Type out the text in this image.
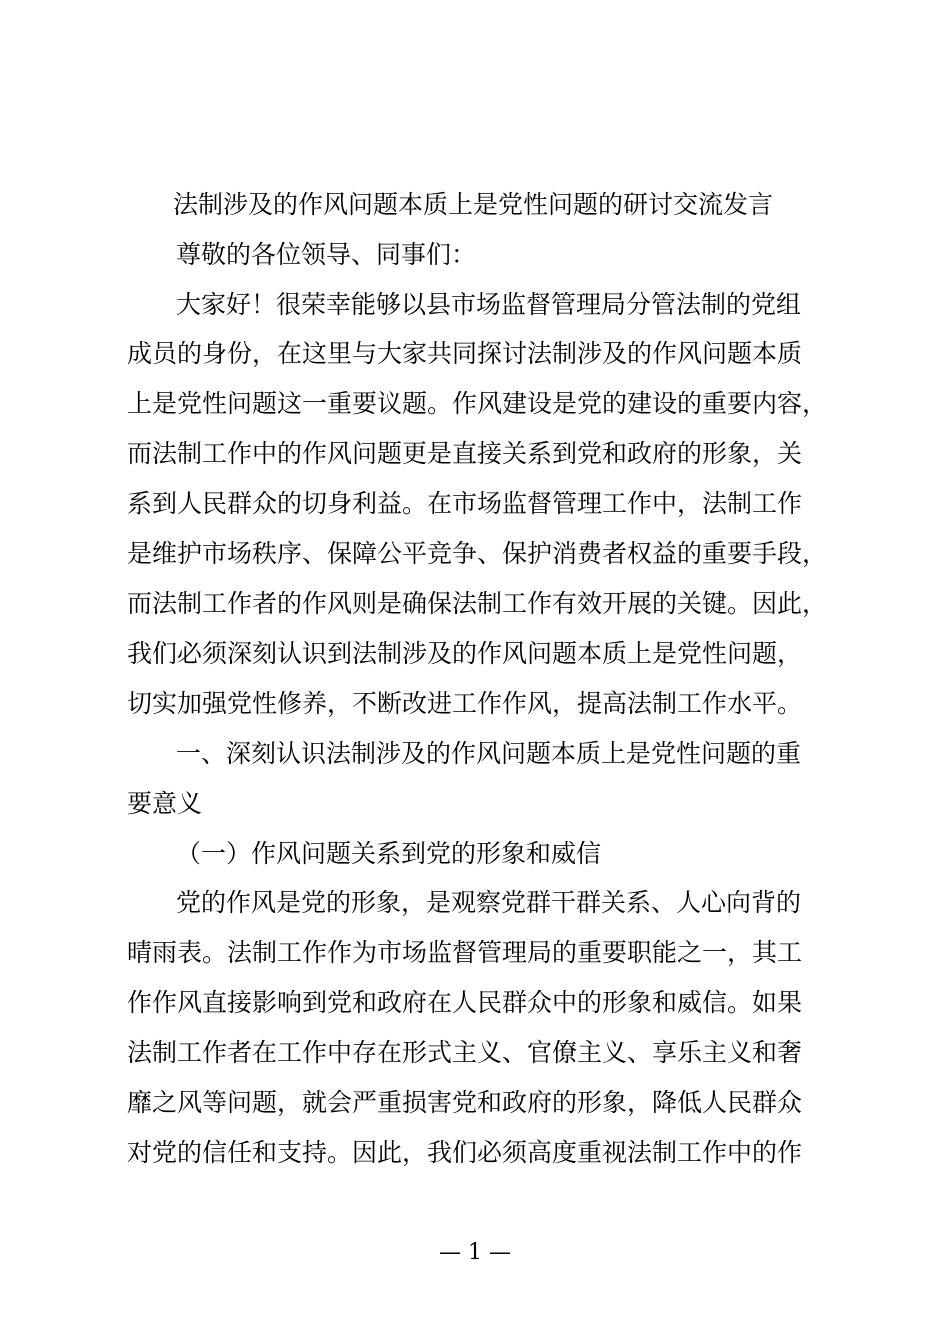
法制涉及的作风问题本质上是党性问题的研讨交流发言
尊敬的各位领导、同事们：
大家好！很荣幸能够以县市场监督管理局分管法制的党组
成员的身份，在这里与大家共同探讨法制涉及的作风问题本质
上是党性问题这一重要议题。作风建设是党的建设的重要内容，
而法制工作中的作风问题更是直接关系到党和政府的形象，关
系到人民群众的切身利益。在市场监督管理工作中，法制工作
是维护市场秩序、保障公平竞争、保护消费者权益的重要手段，
而法制工作者的作风则是确保法制工作有效开展的关键。因此，
我们必须深刻认识到法制涉及的作风问题本质上是党性问题，
切实加强党性修养，不断改进工作作风，提高法制工作水平。
一、深刻认识法制涉及的作风问题本质上是党性问题的重
要意义
（一）作风问题关系到党的形象和威信
党的作风是党的形象，是观察党群干群关系、人心向背的
晴雨表。法制工作作为市场监督管理局的重要职能之一，其工
作作风直接影响到党和政府在人民群众中的形象和威信。如果
法制工作者在工作中存在形式主义、官僚主义、享乐主义和奢
靡之风等问题，就会严重损害党和政府的形象，降低人民群众
对党的信任和支持。因此，我们必须高度重视法制工作中的作
— 1 —
